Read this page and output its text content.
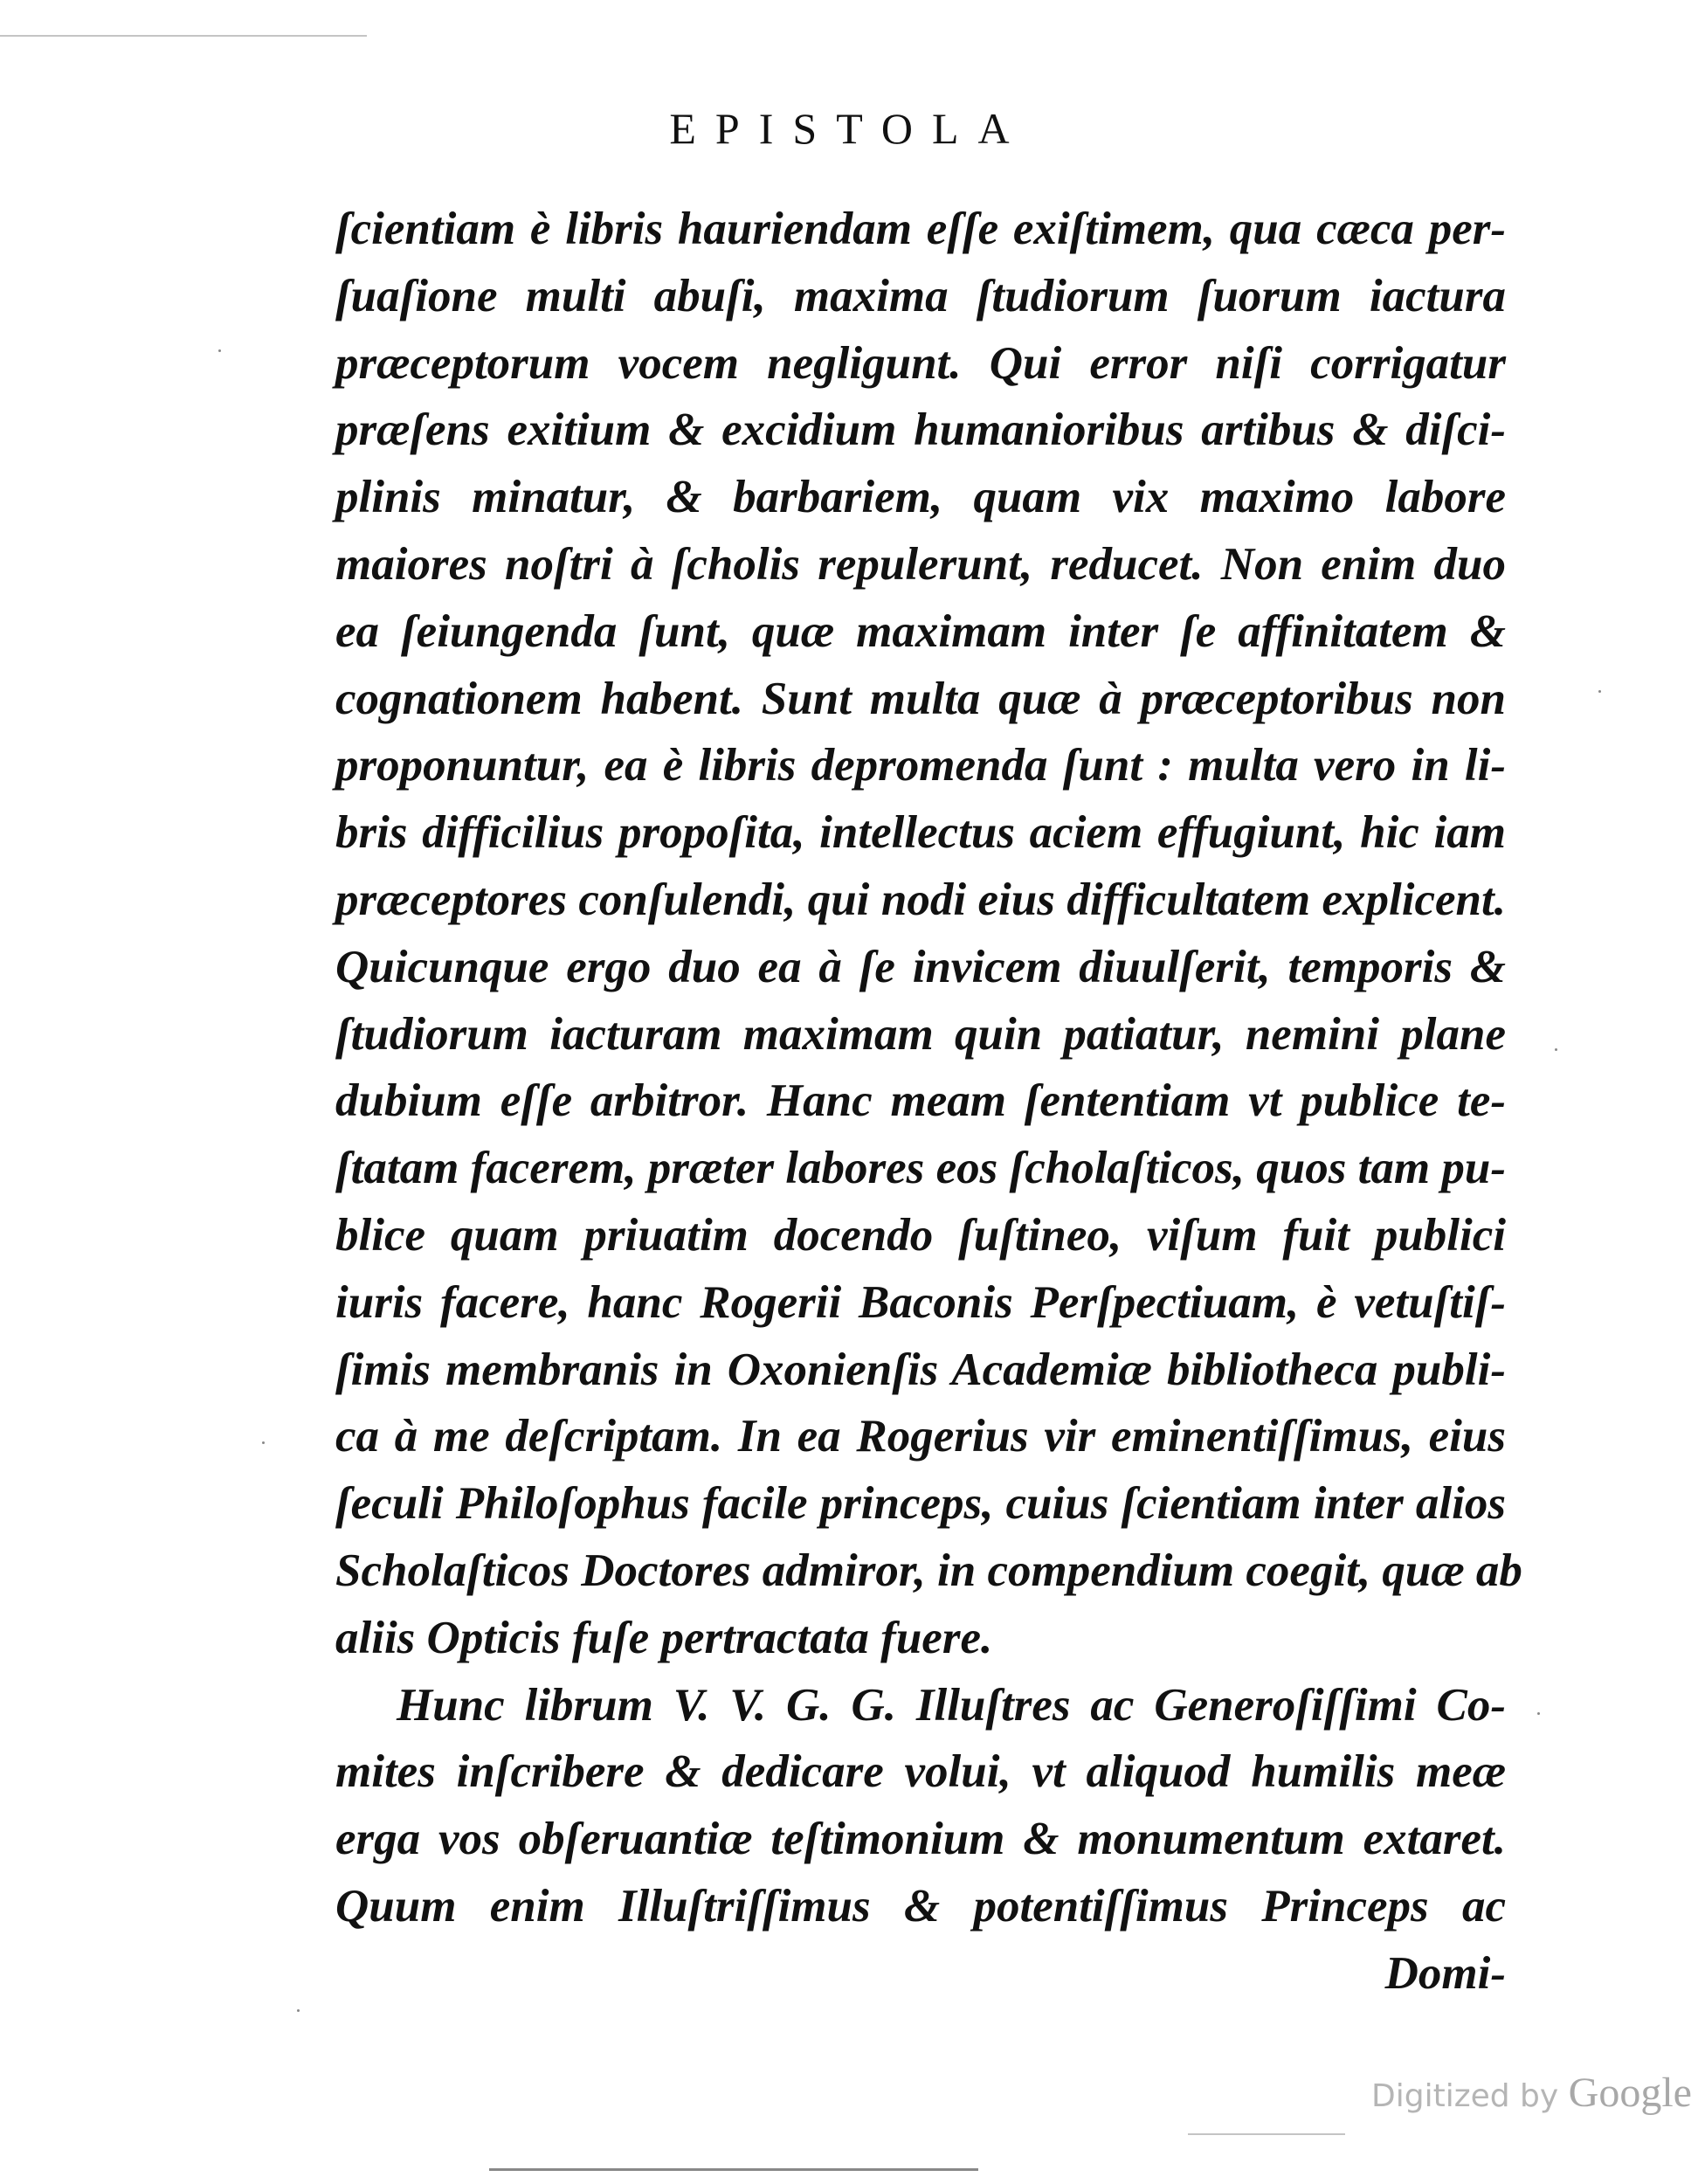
EPISTOLA
ſcientiam è libris hauriendam eſſe exiſtimem, qua cæca per-
ſuaſione multi abuſi, maxima ſtudiorum ſuorum iactura
præceptorum vocem negligunt. Qui error niſi corrigatur
præſens exitium & excidium humanioribus artibus & diſci-
plinis minatur, & barbariem, quam vix maximo labore
maiores noſtri à ſcholis repulerunt, reducet. Non enim duo
ea ſeiungenda ſunt, quæ maximam inter ſe affinitatem &
cognationem habent. Sunt multa quæ à præceptoribus non
proponuntur, ea è libris depromenda ſunt : multa vero in li-
bris difficilius propoſita, intellectus aciem effugiunt, hic iam
præceptores conſulendi, qui nodi eius difficultatem explicent.
Quicunque ergo duo ea à ſe invicem diuulſerit, temporis &
ſtudiorum iacturam maximam quin patiatur, nemini plane
dubium eſſe arbitror. Hanc meam ſententiam vt publice te-
ſtatam facerem, præter labores eos ſcholaſticos, quos tam pu-
blice quam priuatim docendo ſuſtineo, viſum fuit publici
iuris facere, hanc Rogerii Baconis Perſpectiuam, è vetuſtiſ-
ſimis membranis in Oxonienſis Academiæ bibliotheca publi-
ca à me deſcriptam. In ea Rogerius vir eminentiſſimus, eius
ſeculi Philoſophus facile princeps, cuius ſcientiam inter alios
Scholaſticos Doctores admiror, in compendium coegit, quæ ab
aliis Opticis fuſe pertractata fuere.
Hunc librum V. V. G. G. Illuſtres ac Generoſiſſimi Co-
mites inſcribere & dedicare volui, vt aliquod humilis meæ
erga vos obſeruantiæ teſtimonium & monumentum extaret.
Quum enim Illuſtriſſimus & potentiſſimus Princeps ac
Domi-
Digitized by Google
